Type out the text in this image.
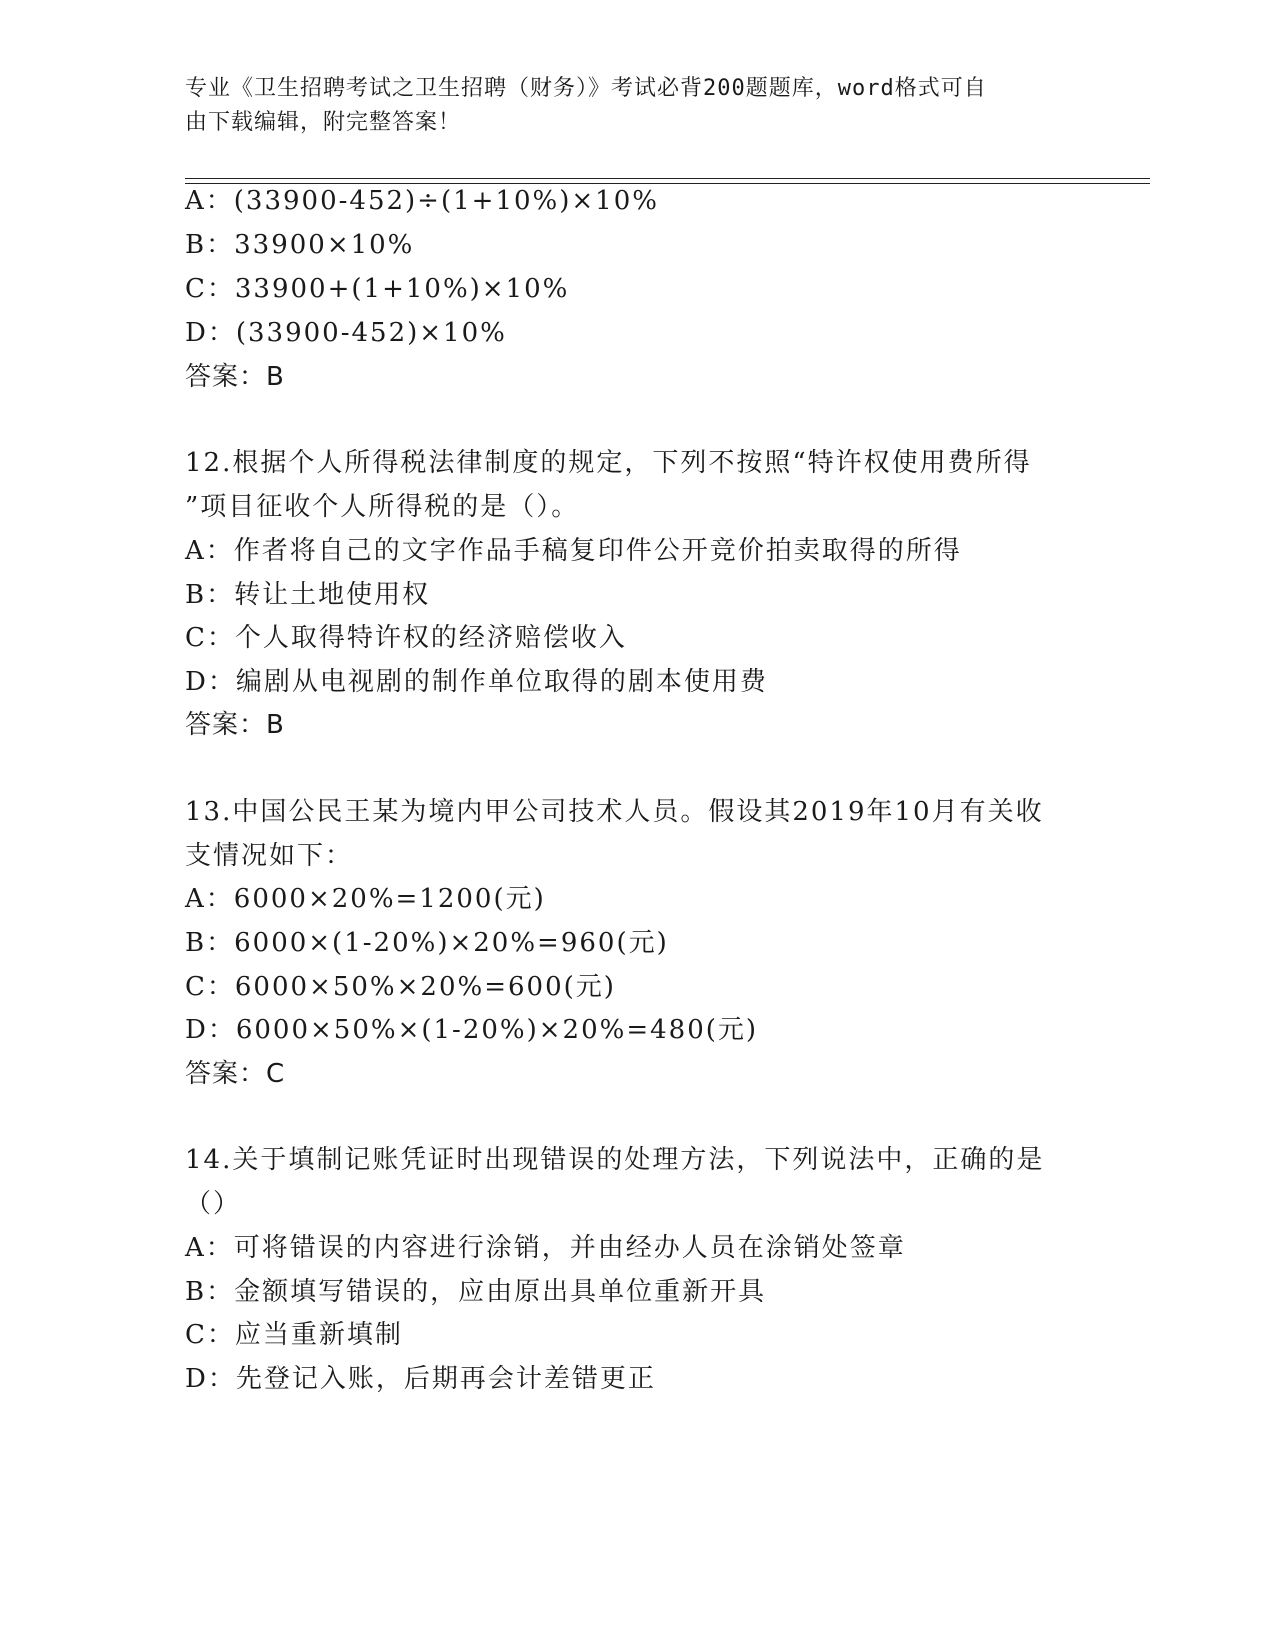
专业《卫生招聘考试之卫生招聘（财务）》考试必背200题题库，word格式可自
由下载编辑，附完整答案！
A：(33900-452)÷(1+10%)×10%
B：33900×10%
C：33900+(1+10%)×10%
D：(33900-452)×10%
答案：B
12.根据个人所得税法律制度的规定，下列不按照“特许权使用费所得
”项目征收个人所得税的是（）。
A：作者将自己的文字作品手稿复印件公开竞价拍卖取得的所得
B：转让土地使用权
C：个人取得特许权的经济赔偿收入
D：编剧从电视剧的制作单位取得的剧本使用费
答案：B
13.中国公民王某为境内甲公司技术人员。假设其2019年10月有关收
支情况如下：
A：6000×20%=1200(元)
B：6000×(1-20%)×20%=960(元)
C：6000×50%×20%=600(元)
D：6000×50%×(1-20%)×20%=480(元)
答案：C
14.关于填制记账凭证时出现错误的处理方法，下列说法中，正确的是
（）
A：可将错误的内容进行涂销，并由经办人员在涂销处签章
B：金额填写错误的，应由原出具单位重新开具
C：应当重新填制
D：先登记入账，后期再会计差错更正
